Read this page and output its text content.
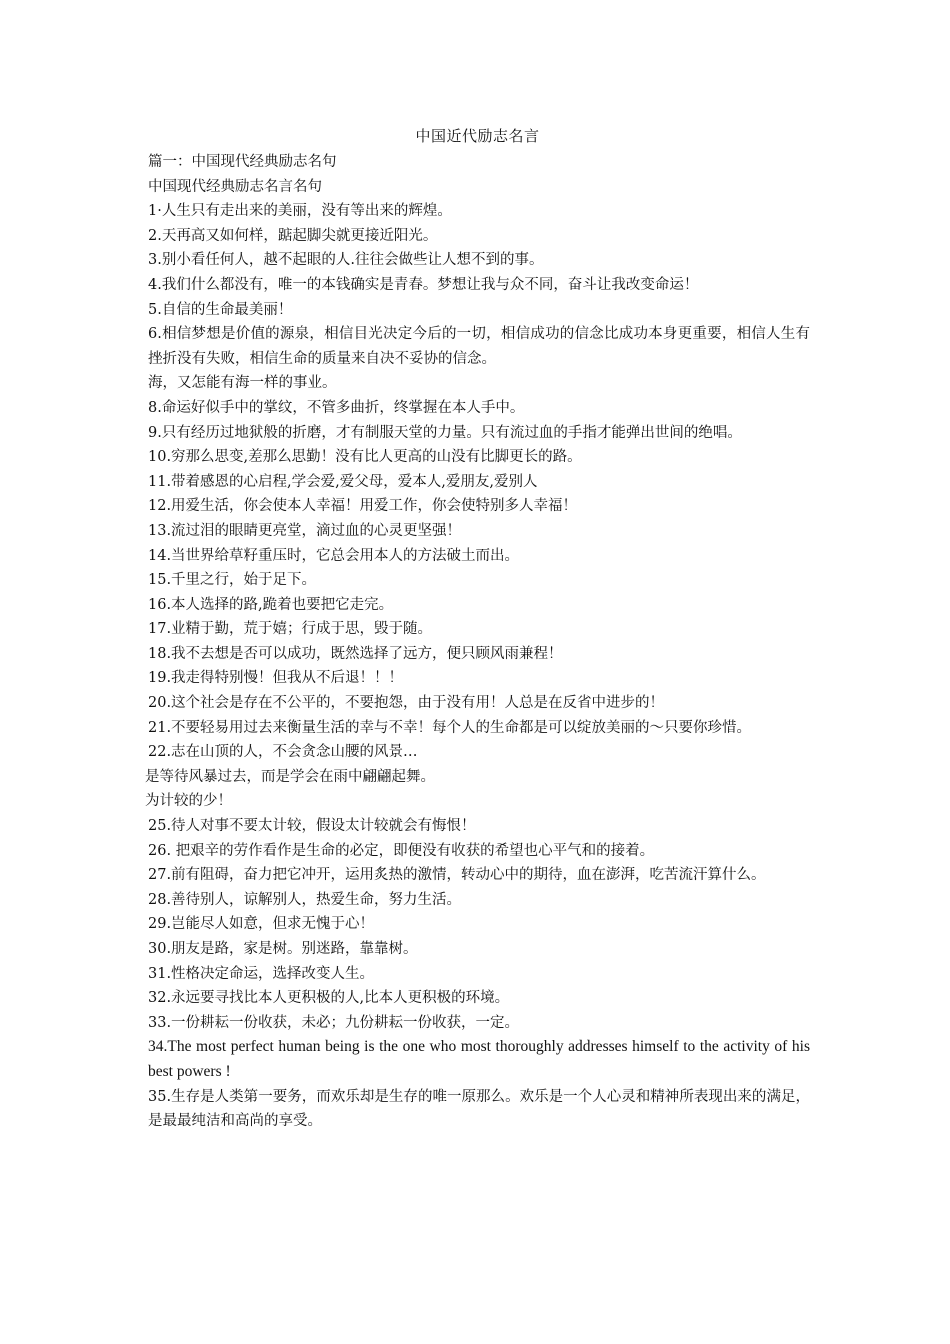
中国近代励志名言
篇一：中国现代经典励志名句
中国现代经典励志名言名句
1·人生只有走出来的美丽，没有等出来的辉煌。
2.天再高又如何样，踮起脚尖就更接近阳光。
3.别小看任何人，越不起眼的人.往往会做些让人想不到的事。
4.我们什么都没有，唯一的本钱确实是青春。梦想让我与众不同，奋斗让我改变命运！
5.自信的生命最美丽！
6.相信梦想是价值的源泉，相信目光决定今后的一切，相信成功的信念比成功本身更重要，相信人生有挫折没有失败，相信生命的质量来自决不妥协的信念。
海，又怎能有海一样的事业。
8.命运好似手中的掌纹，不管多曲折，终掌握在本人手中。
9.只有经历过地狱般的折磨，才有制服天堂的力量。只有流过血的手指才能弹出世间的绝唱。
10.穷那么思变,差那么思勤！没有比人更高的山没有比脚更长的路。
11.带着感恩的心启程,学会爱,爱父母，爱本人,爱朋友,爱别人
12.用爱生活，你会使本人幸福！用爱工作，你会使特别多人幸福！
13.流过泪的眼睛更亮堂，滴过血的心灵更坚强！
14.当世界给草籽重压时，它总会用本人的方法破土而出。
15.千里之行，始于足下。
16.本人选择的路,跪着也要把它走完。
17.业精于勤，荒于嬉；行成于思，毁于随。
18.我不去想是否可以成功，既然选择了远方，便只顾风雨兼程！
19.我走得特别慢！但我从不后退！！！
20.这个社会是存在不公平的，不要抱怨，由于没有用！人总是在反省中进步的！
21.不要轻易用过去来衡量生活的幸与不幸！每个人的生命都是可以绽放美丽的～只要你珍惜。
22.志在山顶的人，不会贪念山腰的风景…
是等待风暴过去，而是学会在雨中翩翩起舞。
为计较的少！
25.待人对事不要太计较，假设太计较就会有悔恨！
26. 把艰辛的劳作看作是生命的必定，即便没有收获的希望也心平气和的接着。
27.前有阻碍，奋力把它冲开，运用炙热的激情，转动心中的期待，血在澎湃，吃苦流汗算什么。
28.善待别人，谅解别人，热爱生命，努力生活。
29.岂能尽人如意，但求无愧于心！
30.朋友是路，家是树。别迷路，靠靠树。
31.性格决定命运，选择改变人生。
32.永远要寻找比本人更积极的人,比本人更积极的环境。
33.一份耕耘一份收获，未必；九份耕耘一份收获，一定。
34.The most perfect human being is the one who most thoroughly addresses himself to the activity of his best powers !
35.生存是人类第一要务，而欢乐却是生存的唯一原那么。欢乐是一个人心灵和精神所表现出来的满足，是最最纯洁和高尚的享受。
